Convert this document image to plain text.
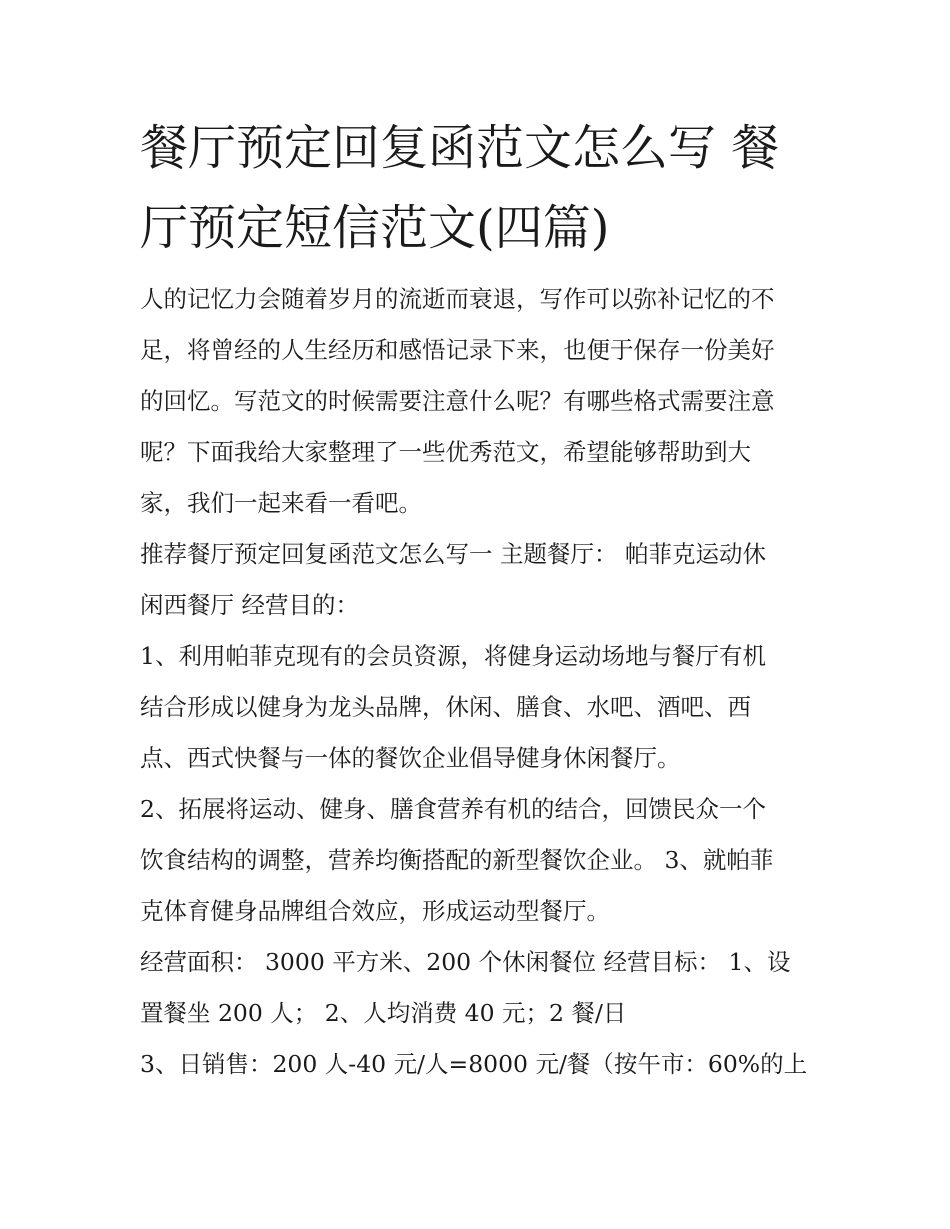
餐厅预定回复函范文怎么写 餐
厅预定短信范文(四篇)
人的记忆力会随着岁月的流逝而衰退，写作可以弥补记忆的不
足，将曾经的人生经历和感悟记录下来，也便于保存一份美好
的回忆。写范文的时候需要注意什么呢？有哪些格式需要注意
呢？下面我给大家整理了一些优秀范文，希望能够帮助到大
家，我们一起来看一看吧。
推荐餐厅预定回复函范文怎么写一 主题餐厅： 帕菲克运动休
闲西餐厅 经营目的：
1、利用帕菲克现有的会员资源，将健身运动场地与餐厅有机
结合形成以健身为龙头品牌，休闲、膳食、水吧、酒吧、西
点、西式快餐与一体的餐饮企业倡导健身休闲餐厅。
2、拓展将运动、健身、膳食营养有机的结合，回馈民众一个
饮食结构的调整，营养均衡搭配的新型餐饮企业。 3、就帕菲
克体育健身品牌组合效应，形成运动型餐厅。
经营面积： 3000 平方米、200 个休闲餐位 经营目标： 1、设
置餐坐 200 人； 2、人均消费 40 元；2 餐/日
3、日销售：200 人-40 元/人=8000 元/餐（按午市：60%的上
